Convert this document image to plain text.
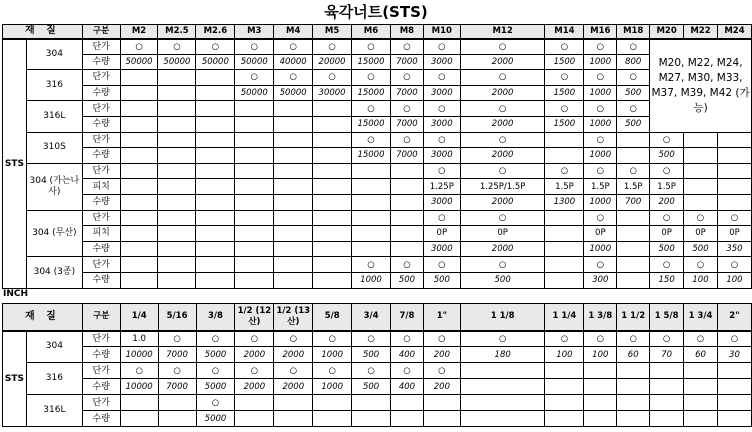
육각너트(STS)
재 질		구분	M2	M2.5	M2.6	M3	M4	M5	M6	M8	M10	M12	M14	M16	M18	M20	M22	M24
STS	304	단가	○	○	○	○	○	○	○	○	○	○	○	○	○	M20, M22, M24, M27, M30, M33, M37, M39, M42 (가능)		
		수량	50000	50000	50000	50000	40000	20000	15000	7000	3000	2000	1500	1000	800			
	316	단가				○	○	○	○	○	○	○	○	○	○			
		수량				50000	50000	30000	15000	7000	3000	2000	1500	1000	500			
	316L	단가							○	○	○	○	○	○	○			
		수량							15000	7000	3000	2000	1500	1000	500			
	310S	단가							○	○	○	○		○		○		
		수량							15000	7000	3000	2000		1000		500		
	304 (가는나사)	단가									○	○	○	○	○	○		
		피치									1.25P	1.25P/1.5P	1.5P	1.5P	1.5P	1.5P		
		수량									3000	2000	1300	1000	700	200		
	304 (무산)	단가									○	○		○		○	○	○
		피치									0P	0P		0P		0P	0P	0P
		수량									3000	2000		1000		500	500	350
	304 (3종)	단가							○	○	○	○		○		○	○	○
		수량							1000	500	500	500		300		150	100	100
INCH
재 질		구분	1/4	5/16	3/8	1/2 (12산)	1/2 (13산)	5/8	3/4	7/8	1"	1 1/8	1 1/4	1 3/8	1 1/2	1 5/8	1 3/4	2"
STS	304	단가	1.0	○	○	○	○	○	○	○	○	○	○	○	○	○	○	○
		수량	10000	7000	5000	2000	2000	1000	500	400	200	180	100	100	60	70	60	30
	316	단가	○	○	○	○	○	○	○	○	○							
		수량	10000	7000	5000	2000	2000	1000	500	400	200							
	316L	단가			○													
		수량			5000													
